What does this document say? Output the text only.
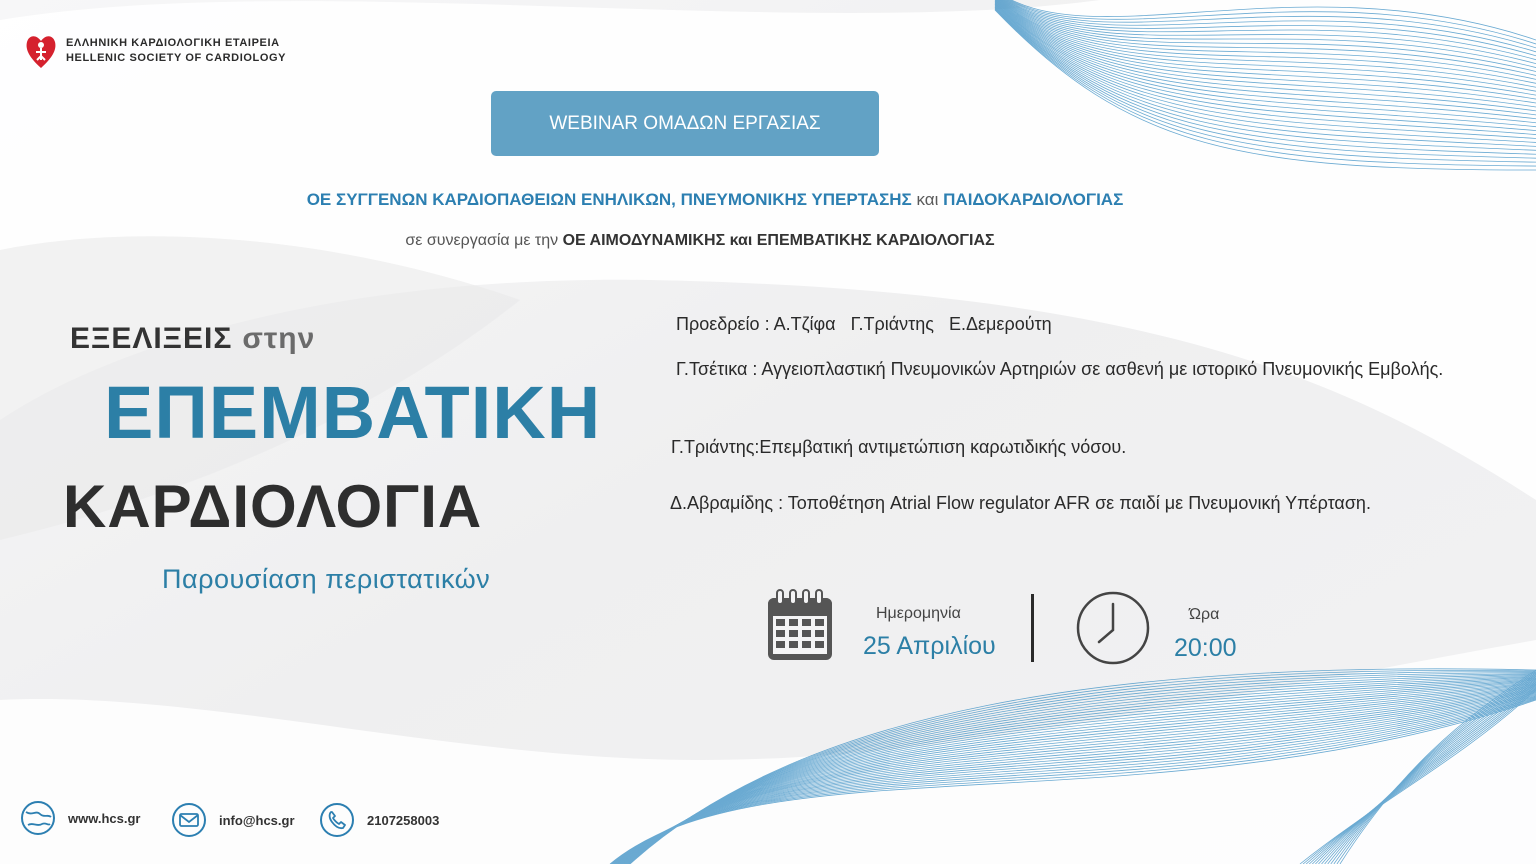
ΕΛΛΗΝΙΚΗ ΚΑΡΔΙΟΛΟΓΙΚΗ ΕΤΑΙΡΕΙΑ
HELLENIC SOCIETY OF CARDIOLOGY
WEBINAR ΟΜΑΔΩΝ ΕΡΓΑΣΙΑΣ
ΟΕ ΣΥΓΓΕΝΩΝ ΚΑΡΔΙΟΠΑΘΕΙΩΝ ΕΝΗΛΙΚΩΝ, ΠΝΕΥΜΟΝΙΚΗΣ ΥΠΕΡΤΑΣΗΣ και ΠΑΙΔΟΚΑΡΔΙΟΛΟΓΙΑΣ
σε συνεργασία με την ΟΕ ΑΙΜΟΔΥΝΑΜΙΚΗΣ και ΕΠΕΜΒΑΤΙΚΗΣ ΚΑΡΔΙΟΛΟΓΙΑΣ
ΕΞΕΛΙΞΕΙΣ στην
ΕΠΕΜΒΑΤΙΚΗ
ΚΑΡΔΙΟΛΟΓΙΑ
Παρουσίαση περιστατικών
Προεδρείο : Α.Τζίφα Γ.Τριάντης Ε.Δεμερούτη
Γ.Τσέτικα : Αγγειοπλαστική Πνευμονικών Αρτηριών σε ασθενή με ιστορικό Πνευμονικής Εμβολής.
Γ.Τριάντης:Επεμβατική αντιμετώπιση καρωτιδικής νόσου.
Δ.Αβραμίδης : Τοποθέτηση Atrial Flow regulator AFR σε παιδί με Πνευμονική Υπέρταση.
Ημερομηνία
25 Απριλίου
Ώρα
20:00
www.hcs.gr	info@hcs.gr	2107258003
